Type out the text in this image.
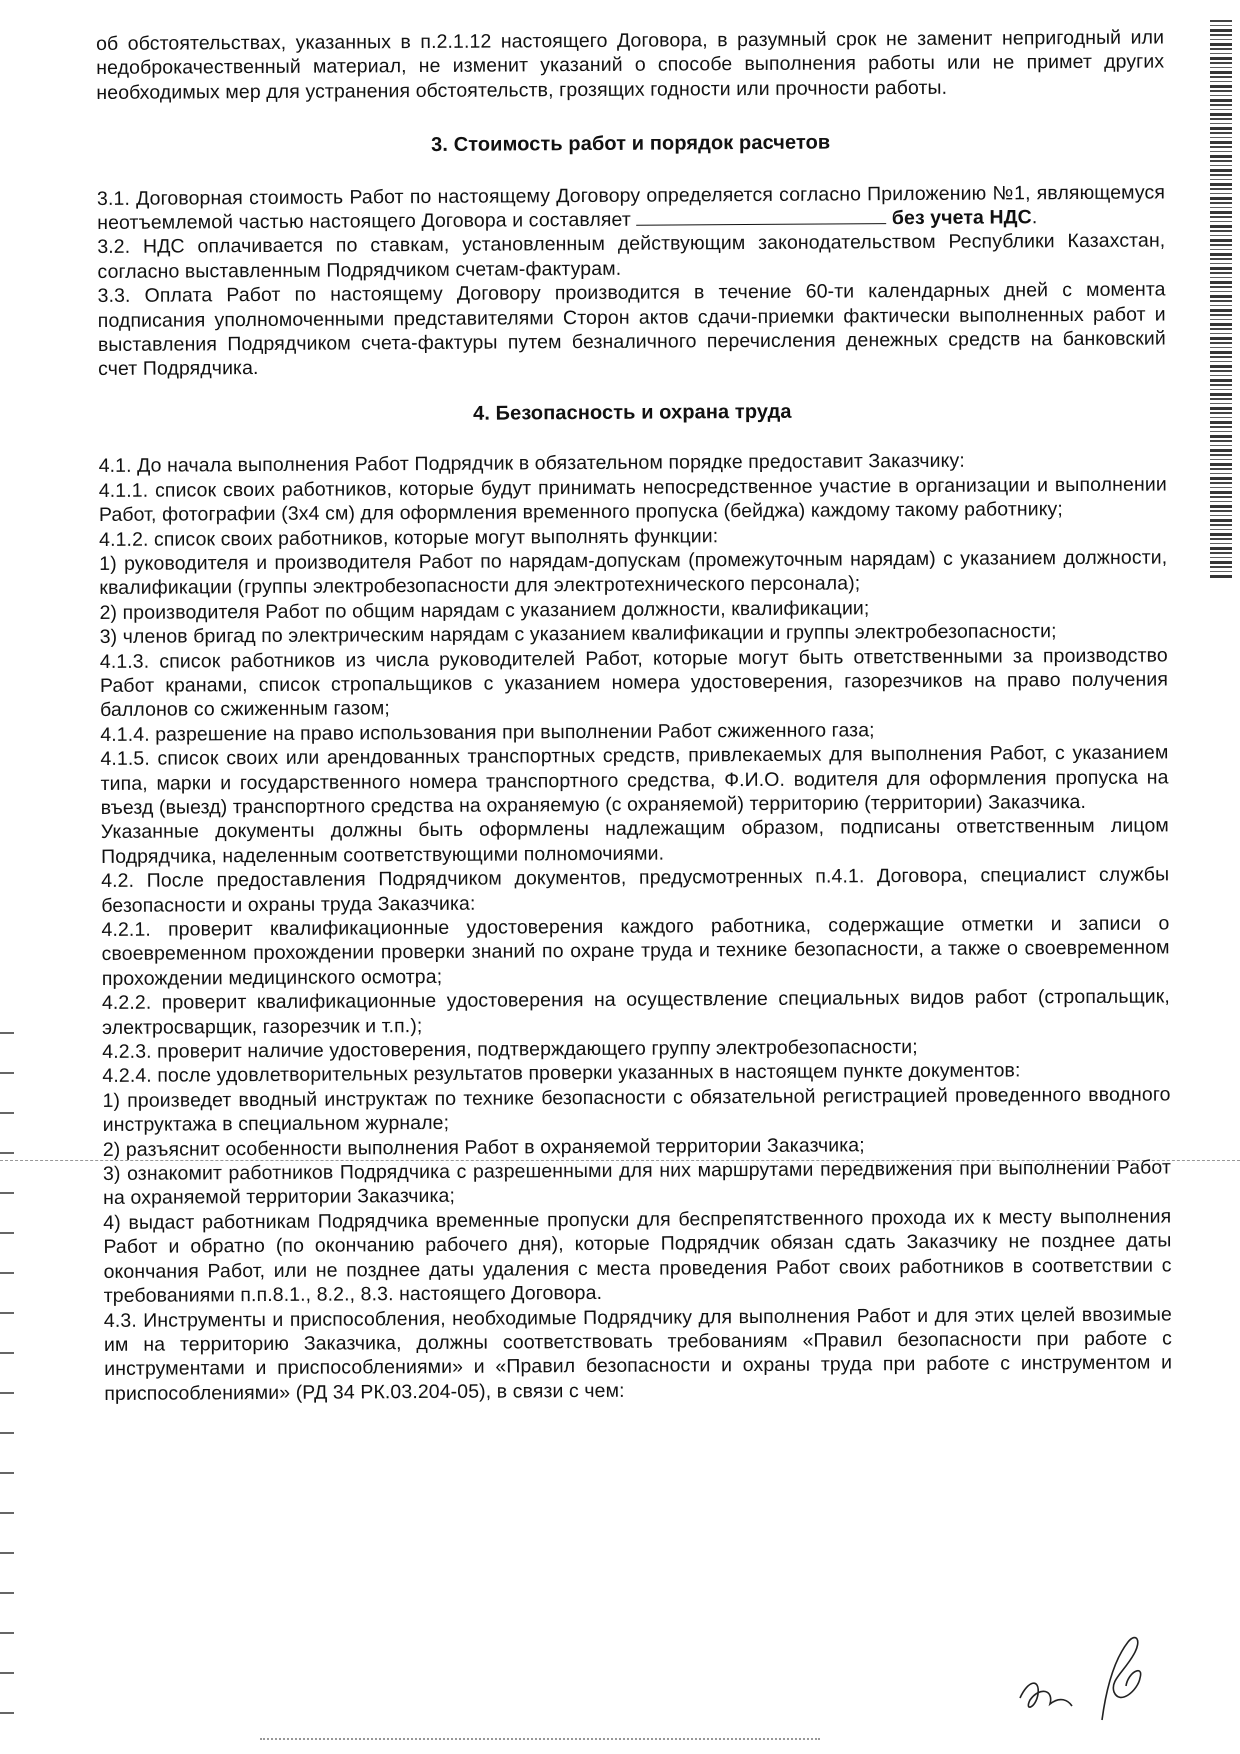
об обстоятельствах, указанных в п.2.1.12 настоящего Договора, в разумный срок не заменит непригодный или недоброкачественный материал, не изменит указаний о способе выполнения работы или не примет других необходимых мер для устранения обстоятельств, грозящих годности или прочности работы.

3. Стоимость работ и порядок расчетов

3.1. Договорная стоимость Работ по настоящему Договору определяется согласно Приложению №1, являющемуся неотъемлемой частью настоящего Договора и составляет	без учета НДС.

3.2. НДС оплачивается по ставкам, установленным действующим законодательством Республики Казахстан, согласно выставленным Подрядчиком счетам-фактурам.

3.3. Оплата Работ по настоящему Договору производится в течение 60-ти календарных дней с момента подписания уполномоченными представителями Сторон актов сдачи-приемки фактически выполненных работ и выставления Подрядчиком счета-фактуры путем безналичного перечисления денежных средств на банковский счет Подрядчика.

4. Безопасность и охрана труда

4.1. До начала выполнения Работ Подрядчик в обязательном порядке предоставит Заказчику:

4.1.1. список своих работников, которые будут принимать непосредственное участие в организации и выполнении Работ, фотографии (3х4 см) для оформления временного пропуска (бейджа) каждому такому работнику;

4.1.2. список своих работников, которые могут выполнять функции:

1) руководителя и производителя Работ по нарядам-допускам (промежуточным нарядам) с указанием должности, квалификации (группы электробезопасности для электротехнического персонала);

2) производителя Работ по общим нарядам с указанием должности, квалификации;

3) членов бригад по электрическим нарядам с указанием квалификации и группы электробезопасности;

4.1.3. список работников из числа руководителей Работ, которые могут быть ответственными за производство Работ кранами, список стропальщиков с указанием номера удостоверения, газорезчиков на право получения баллонов со сжиженным газом;

4.1.4. разрешение на право использования при выполнении Работ сжиженного газа;

4.1.5. список своих или арендованных транспортных средств, привлекаемых для выполнения Работ, с указанием типа, марки и государственного номера транспортного средства, Ф.И.О. водителя для оформления пропуска на въезд (выезд) транспортного средства на охраняемую (с охраняемой) территорию (территории) Заказчика.

Указанные документы должны быть оформлены надлежащим образом, подписаны ответственным лицом Подрядчика, наделенным соответствующими полномочиями.

4.2. После предоставления Подрядчиком документов, предусмотренных п.4.1. Договора, специалист службы безопасности и охраны труда Заказчика:

4.2.1. проверит квалификационные удостоверения каждого работника, содержащие отметки и записи о своевременном прохождении проверки знаний по охране труда и технике безопасности, а также о своевременном прохождении медицинского осмотра;

4.2.2. проверит квалификационные удостоверения на осуществление специальных видов работ (стропальщик, электросварщик, газорезчик и т.п.);

4.2.3. проверит наличие удостоверения, подтверждающего группу электробезопасности;

4.2.4. после удовлетворительных результатов проверки указанных в настоящем пункте документов:

1) произведет вводный инструктаж по технике безопасности с обязательной регистрацией проведенного вводного инструктажа в специальном журнале;

2) разъяснит особенности выполнения Работ в охраняемой территории Заказчика;

3) ознакомит работников Подрядчика с разрешенными для них маршрутами передвижения при выполнении Работ на охраняемой территории Заказчика;

4) выдаст работникам Подрядчика временные пропуски для беспрепятственного прохода их к месту выполнения Работ и обратно (по окончанию рабочего дня), которые Подрядчик обязан сдать Заказчику не позднее даты окончания Работ, или не позднее даты удаления с места проведения Работ своих работников в соответствии с требованиями п.п.8.1., 8.2., 8.3. настоящего Договора.

4.3. Инструменты и приспособления, необходимые Подрядчику для выполнения Работ и для этих целей ввозимые им на территорию Заказчика, должны соответствовать требованиям «Правил безопасности при работе с инструментами и приспособлениями» и «Правил безопасности и охраны труда при работе с инструментом и приспособлениями» (РД 34 РК.03.204-05), в связи с чем:
